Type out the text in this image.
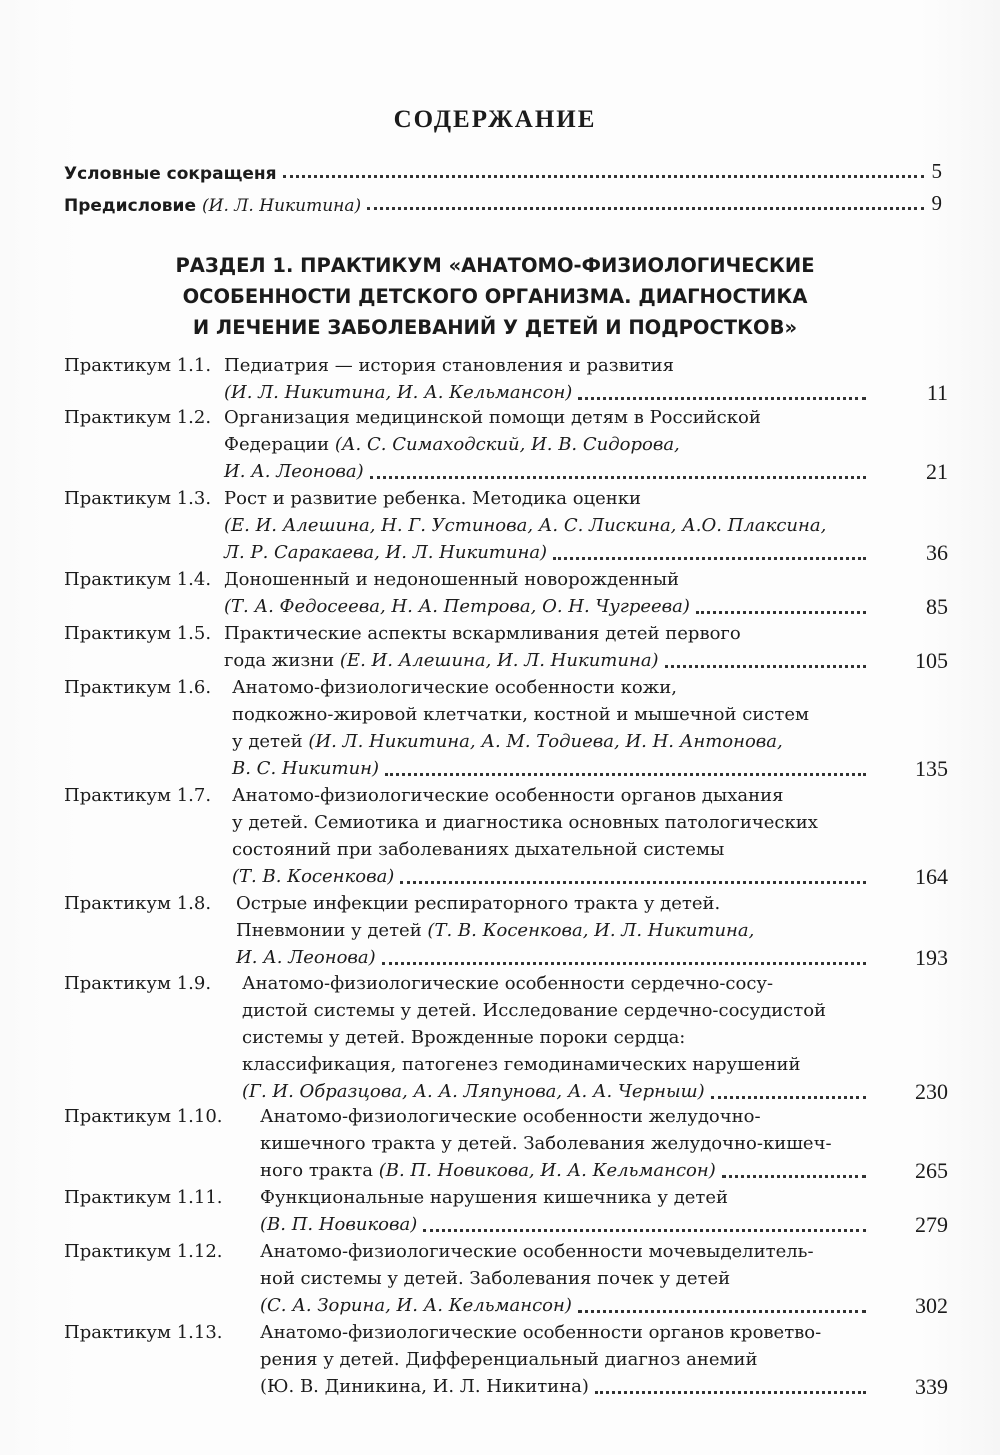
СОДЕРЖАНИЕ
Условные сокращеня	5
Предисловие (И. Л. Никитина)	9
РАЗДЕЛ 1. ПРАКТИКУМ «АНАТОМО-ФИЗИОЛОГИЧЕСКИЕ
ОСОБЕННОСТИ ДЕТСКОГО ОРГАНИЗМА. ДИАГНОСТИКА
И ЛЕЧЕНИЕ ЗАБОЛЕВАНИЙ У ДЕТЕЙ И ПОДРОСТКОВ»
Практикум 1.1. Педиатрия — история становления и развития
(И. Л. Никитина, И. А. Кельмансон)	11
Практикум 1.2. Организация медицинской помощи детям в Российской
Федерации (А. С. Симаходский, И. В. Сидорова,
И. А. Леонова)	21
Практикум 1.3. Рост и развитие ребенка. Методика оценки
(Е. И. Алешина, Н. Г. Устинова, А. С. Лискина, А.О. Плаксина,
Л. Р. Саракаева, И. Л. Никитина)	36
Практикум 1.4. Доношенный и недоношенный новорожденный
(Т. А. Федосеева, Н. А. Петрова, О. Н. Чугреева)	85
Практикум 1.5. Практические аспекты вскармливания детей первого
года жизни (Е. И. Алешина, И. Л. Никитина)	105
Практикум 1.6. Анатомо-физиологические особенности кожи,
подкожно-жировой клетчатки, костной и мышечной систем
у детей (И. Л. Никитина, А. М. Тодиева, И. Н. Антонова,
В. С. Никитин)	135
Практикум 1.7. Анатомо-физиологические особенности органов дыхания
у детей. Семиотика и диагностика основных патологических
состояний при заболеваниях дыхательной системы
(Т. В. Косенкова)	164
Практикум 1.8. Острые инфекции респираторного тракта у детей.
Пневмонии у детей (Т. В. Косенкова, И. Л. Никитина,
И. А. Леонова)	193
Практикум 1.9. Анатомо-физиологические особенности сердечно-сосу-
дистой системы у детей. Исследование сердечно-сосудистой
системы у детей. Врожденные пороки сердца:
классификация, патогенез гемодинамических нарушений
(Г. И. Образцова, А. А. Ляпунова, А. А. Черныш)	230
Практикум 1.10. Анатомо-физиологические особенности желудочно-
кишечного тракта у детей. Заболевания желудочно-кишеч-
ного тракта (В. П. Новикова, И. А. Кельмансон)	265
Практикум 1.11. Функциональные нарушения кишечника у детей
(В. П. Новикова)	279
Практикум 1.12. Анатомо-физиологические особенности мочевыделитель-
ной системы у детей. Заболевания почек у детей
(С. А. Зорина, И. А. Кельмансон)	302
Практикум 1.13. Анатомо-физиологические особенности органов кроветво-
рения у детей. Дифференциальный диагноз анемий
(Ю. В. Диникина, И. Л. Никитина)	339
